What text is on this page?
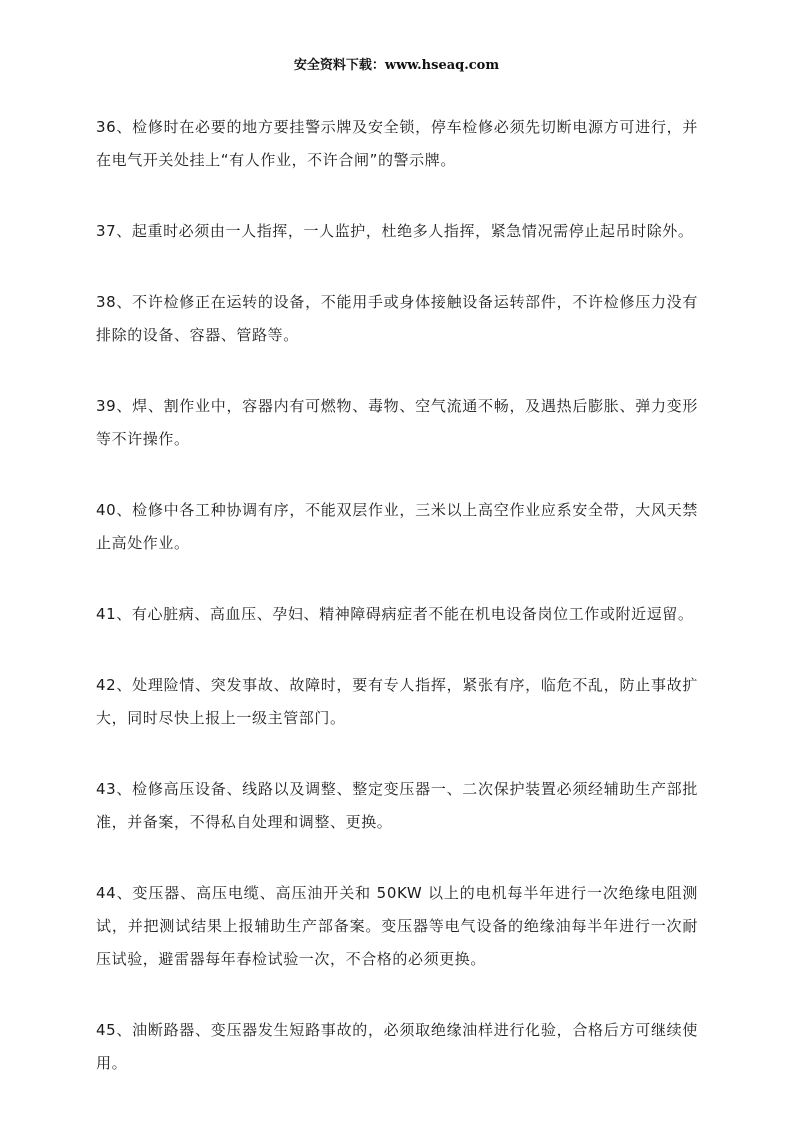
安全资料下载：www.hseaq.com

36、检修时在必要的地方要挂警示牌及安全锁，停车检修必须先切断电源方可进行，并在电气开关处挂上“有人作业，不许合闸”的警示牌。

37、起重时必须由一人指挥，一人监护，杜绝多人指挥，紧急情况需停止起吊时除外。

38、不许检修正在运转的设备，不能用手或身体接触设备运转部件，不许检修压力没有排除的设备、容器、管路等。

39、焊、割作业中，容器内有可燃物、毒物、空气流通不畅，及遇热后膨胀、弹力变形等不许操作。

40、检修中各工种协调有序，不能双层作业，三米以上高空作业应系安全带，大风天禁止高处作业。

41、有心脏病、高血压、孕妇、精神障碍病症者不能在机电设备岗位工作或附近逗留。

42、处理险情、突发事故、故障时，要有专人指挥，紧张有序，临危不乱，防止事故扩大，同时尽快上报上一级主管部门。

43、检修高压设备、线路以及调整、整定变压器一、二次保护装置必须经辅助生产部批准，并备案，不得私自处理和调整、更换。

44、变压器、高压电缆、高压油开关和 50KW 以上的电机每半年进行一次绝缘电阻测试，并把测试结果上报辅助生产部备案。变压器等电气设备的绝缘油每半年进行一次耐压试验，避雷器每年春检试验一次，不合格的必须更换。

45、油断路器、变压器发生短路事故的，必须取绝缘油样进行化验，合格后方可继续使用。
